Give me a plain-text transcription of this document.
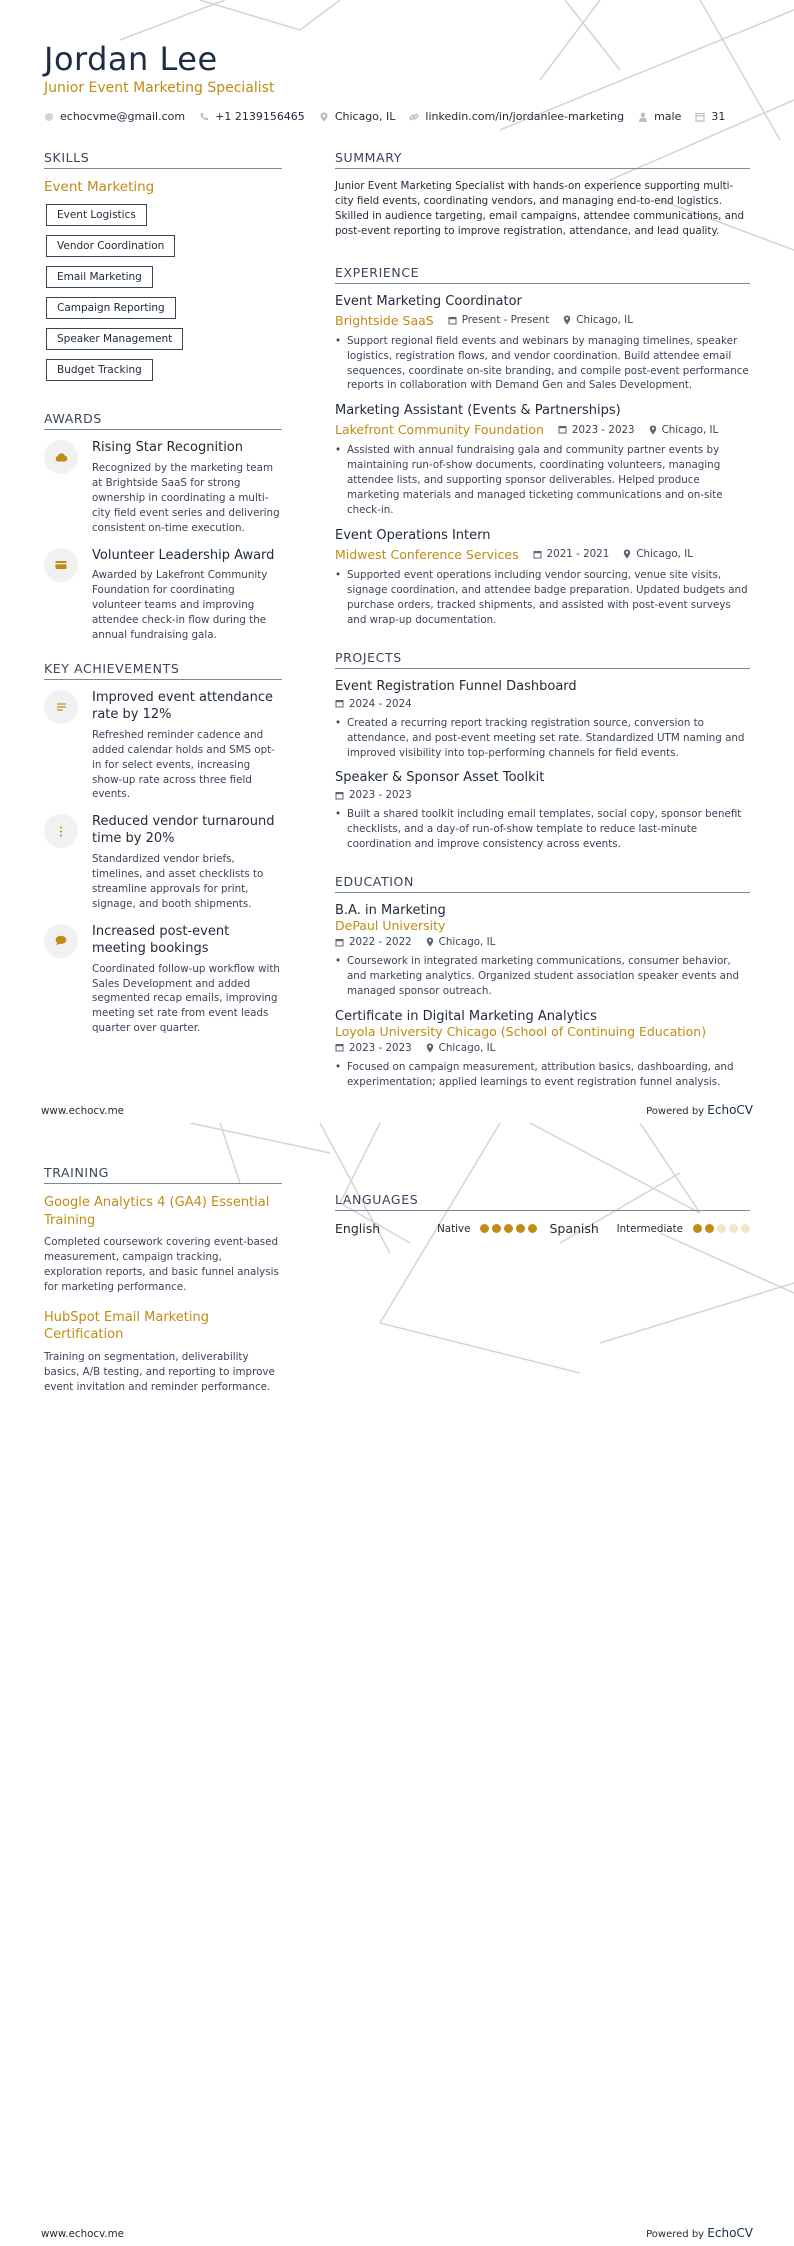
Jordan Lee
Junior Event Marketing Specialist
echocvme@gmail.com	+1 2139156465	Chicago, IL	linkedin.com/in/jordanlee-marketing	male	31
SKILLS
Event Marketing
Event Logistics
Vendor Coordination
Email Marketing
Campaign Reporting
Speaker Management
Budget Tracking
AWARDS
Rising Star Recognition
Recognized by the marketing team at Brightside SaaS for strong ownership in coordinating a multi-city field event series and delivering consistent on-time execution.
Volunteer Leadership Award
Awarded by Lakefront Community Foundation for coordinating volunteer teams and improving attendee check-in flow during the annual fundraising gala.
KEY ACHIEVEMENTS
Improved event attendance rate by 12%
Refreshed reminder cadence and added calendar holds and SMS opt-in for select events, increasing show-up rate across three field events.
Reduced vendor turnaround time by 20%
Standardized vendor briefs, timelines, and asset checklists to streamline approvals for print, signage, and booth shipments.
Increased post-event meeting bookings
Coordinated follow-up workflow with Sales Development and added segmented recap emails, improving meeting set rate from event leads quarter over quarter.
SUMMARY
Junior Event Marketing Specialist with hands-on experience supporting multi-city field events, coordinating vendors, and managing end-to-end logistics. Skilled in audience targeting, email campaigns, attendee communications, and post-event reporting to improve registration, attendance, and lead quality.
EXPERIENCE
Event Marketing Coordinator
Brightside SaaS	Present - Present	Chicago, IL
• Support regional field events and webinars by managing timelines, speaker logistics, registration flows, and vendor coordination. Build attendee email sequences, coordinate on-site branding, and compile post-event performance reports in collaboration with Demand Gen and Sales Development.
Marketing Assistant (Events & Partnerships)
Lakefront Community Foundation	2023 - 2023	Chicago, IL
• Assisted with annual fundraising gala and community partner events by maintaining run-of-show documents, coordinating volunteers, managing attendee lists, and supporting sponsor deliverables. Helped produce marketing materials and managed ticketing communications and on-site check-in.
Event Operations Intern
Midwest Conference Services	2021 - 2021	Chicago, IL
• Supported event operations including vendor sourcing, venue site visits, signage coordination, and attendee badge preparation. Updated budgets and purchase orders, tracked shipments, and assisted with post-event surveys and wrap-up documentation.
PROJECTS
Event Registration Funnel Dashboard
2024 - 2024
• Created a recurring report tracking registration source, conversion to attendance, and post-event meeting set rate. Standardized UTM naming and improved visibility into top-performing channels for field events.
Speaker & Sponsor Asset Toolkit
2023 - 2023
• Built a shared toolkit including email templates, social copy, sponsor benefit checklists, and a day-of run-of-show template to reduce last-minute coordination and improve consistency across events.
EDUCATION
B.A. in Marketing
DePaul University
2022 - 2022	Chicago, IL
• Coursework in integrated marketing communications, consumer behavior, and marketing analytics. Organized student association speaker events and managed sponsor outreach.
Certificate in Digital Marketing Analytics
Loyola University Chicago (School of Continuing Education)
2023 - 2023	Chicago, IL
• Focused on campaign measurement, attribution basics, dashboarding, and experimentation; applied learnings to event registration funnel analysis.
www.echocv.me	Powered by EchoCV
TRAINING
Google Analytics 4 (GA4) Essential Training
Completed coursework covering event-based measurement, campaign tracking, exploration reports, and basic funnel analysis for marketing performance.
HubSpot Email Marketing Certification
Training on segmentation, deliverability basics, A/B testing, and reporting to improve event invitation and reminder performance.
LANGUAGES
English	Native	Spanish	Intermediate
www.echocv.me	Powered by EchoCV
